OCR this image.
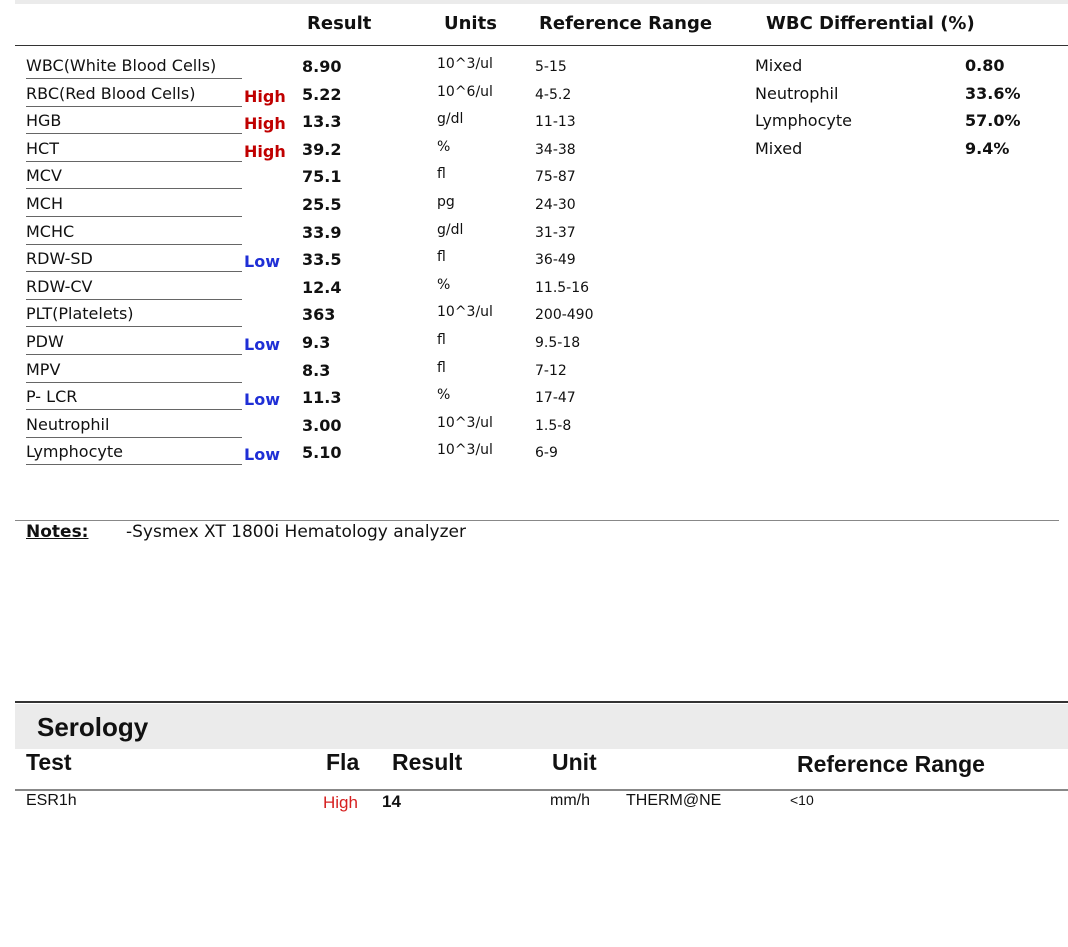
Result	Units Reference Range	WBC Differential (%)
WBC(White Blood Cells)	8.90	10^3/ul	5-15
RBC(Red Blood Cells)	High 5.22	10^6/ul	4-5.2
HGB	High 13.3	g/dl	11-13
HCT	High 39.2	%	34-38
MCV	75.1	fl	75-87
MCH	25.5	pg	24-30
MCHC	33.9	g/dl	31-37
RDW-SD	Low 33.5	fl	36-49
RDW-CV	12.4	%	11.5-16
PLT(Platelets)	363	10^3/ul	200-490
PDW	Low 9.3	fl	9.5-18
MPV	8.3	fl	7-12
P- LCR	Low 11.3	%	17-47
Neutrophil	3.00	10^3/ul	1.5-8
Lymphocyte	Low 5.10	10^3/ul	6-9
Mixed	0.80
Neutrophil	33.6%
Lymphocyte	57.0%
Mixed	9.4%
Notes: -Sysmex XT 1800i Hematology analyzer
Serology
Test	Fla Result	Unit	Reference Range
ESR1h	High 14	mm/h THERM@NE	<10
